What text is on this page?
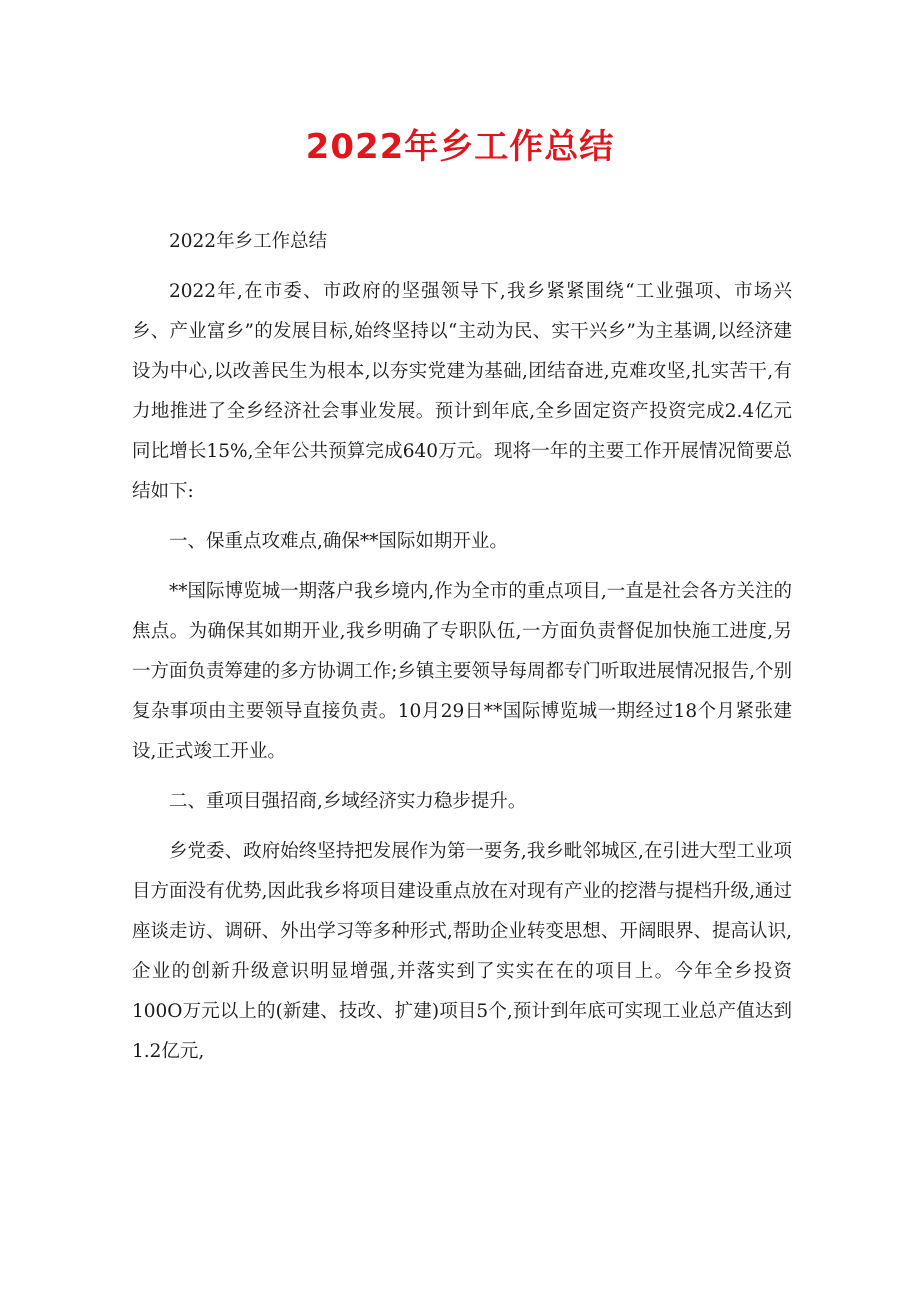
2022年乡工作总结

2022年乡工作总结

2022年,在市委、市政府的坚强领导下,我乡紧紧围绕“工业强项、市场兴乡、产业富乡”的发展目标,始终坚持以“主动为民、实干兴乡”为主基调,以经济建设为中心,以改善民生为根本,以夯实党建为基础,团结奋进,克难攻坚,扎实苦干,有力地推进了全乡经济社会事业发展。预计到年底,全乡固定资产投资完成2.4亿元同比增长15%,全年公共预算完成640万元。现将一年的主要工作开展情况简要总结如下:

一、保重点攻难点,确保**国际如期开业。

**国际博览城一期落户我乡境内,作为全市的重点项目,一直是社会各方关注的焦点。为确保其如期开业,我乡明确了专职队伍,一方面负责督促加快施工进度,另一方面负责筹建的多方协调工作;乡镇主要领导每周都专门听取进展情况报告,个别复杂事项由主要领导直接负责。10月29日**国际博览城一期经过18个月紧张建设,正式竣工开业。

二、重项目强招商,乡域经济实力稳步提升。

乡党委、政府始终坚持把发展作为第一要务,我乡毗邻城区,在引进大型工业项目方面没有优势,因此我乡将项目建设重点放在对现有产业的挖潜与提档升级,通过座谈走访、调研、外出学习等多种形式,帮助企业转变思想、开阔眼界、提高认识,企业的创新升级意识明显增强,并落实到了实实在在的项目上。今年全乡投资100O万元以上的(新建、技改、扩建)项目5个,预计到年底可实现工业总产值达到1.2亿元,
